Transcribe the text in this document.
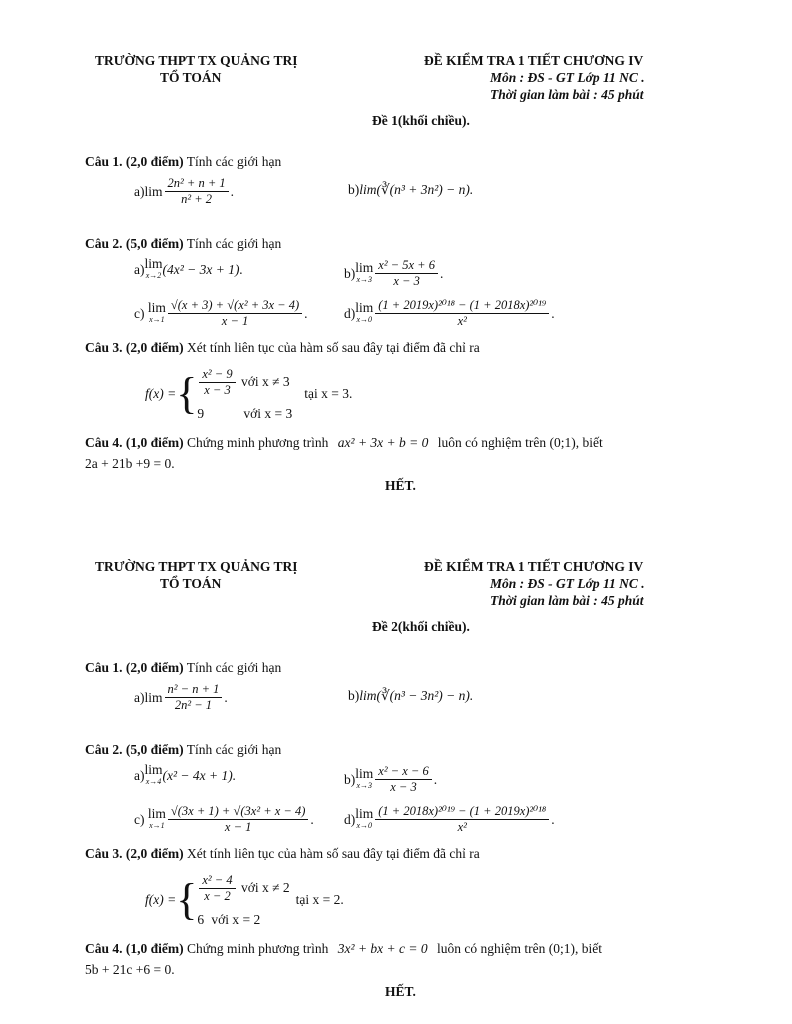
TRƯỜNG THPT TX QUẢNG TRỊ
TỔ TOÁN
ĐỀ KIỂM TRA 1 TIẾT CHƯƠNG IV
Môn : ĐS - GT Lớp 11 NC .
Thời gian làm bài : 45 phút
Đề 1(khối chiều).
Câu 1. (2,0 điểm) Tính các giới hạn
a) $\lim \frac{\text{2n² + n + 1}}{\text{n² + 2}}$ .	b) lim(∛(n³ + 3n²) − n).
Câu 2. (5,0 điểm) Tính các giới hạn
a) lim
x→2 (4x² − 3x + 1).	b) lim
$x\to 3 \frac{\text{x² − 5x + 6}}{x - 3}$ .
c)
lim
$x\to 1 \frac{\text{√(x + 3) + √(x² + 3x − 4)}}{x - 1}$ .	d) lim
$x\to 0 \frac{\text{(1 + 2019x)²⁰¹⁸ − (1 + 2018x)²⁰¹⁹}}{\text{x²}}$ .
Câu 3. (2,0 điểm) Xét tính liên tục của hàm số sau đây tại điểm đã chỉ ra
f(x) = { $\frac{\text{x² − 9}}{x - 3}$
với x ≠ 3
9	với x = 3
tại x = 3.
Câu 4. (1,0 điểm) Chứng minh phương trình ax² + 3x + b = 0 luôn có nghiệm trên (0;1), biết
2a + 21b +9 = 0.
HẾT.
TRƯỜNG THPT TX QUẢNG TRỊ
TỔ TOÁN
ĐỀ KIỂM TRA 1 TIẾT CHƯƠNG IV
Môn : ĐS - GT Lớp 11 NC .
Thời gian làm bài : 45 phút
Đề 2(khối chiều).
Câu 1. (2,0 điểm) Tính các giới hạn
a) $\lim \frac{\text{n² − n + 1}}{\text{2n² − 1}}$ .	b) lim(∛(n³ − 3n²) − n).
Câu 2. (5,0 điểm) Tính các giới hạn
a) lim
x→4 (x² − 4x + 1).	b) lim
$x\to 3 \frac{\text{x² − x − 6}}{x - 3}$ .
c)
lim
$x\to 1 \frac{\text{√(3x + 1) + √(3x² + x − 4)}}{x - 1}$ . d) lim
$x\to 0 \frac{\text{(1 + 2018x)²⁰¹⁹ − (1 + 2019x)²⁰¹⁸}}{\text{x²}}$ .
Câu 3. (2,0 điểm) Xét tính liên tục của hàm số sau đây tại điểm đã chỉ ra
f(x) = { $\frac{\text{x² − 4}}{x - 2}$
với x ≠ 2
6 với x = 2
tại x = 2.
Câu 4. (1,0 điểm) Chứng minh phương trình 3x² + bx + c = 0 luôn có nghiệm trên (0;1), biết
5b + 21c +6 = 0.
HẾT.
